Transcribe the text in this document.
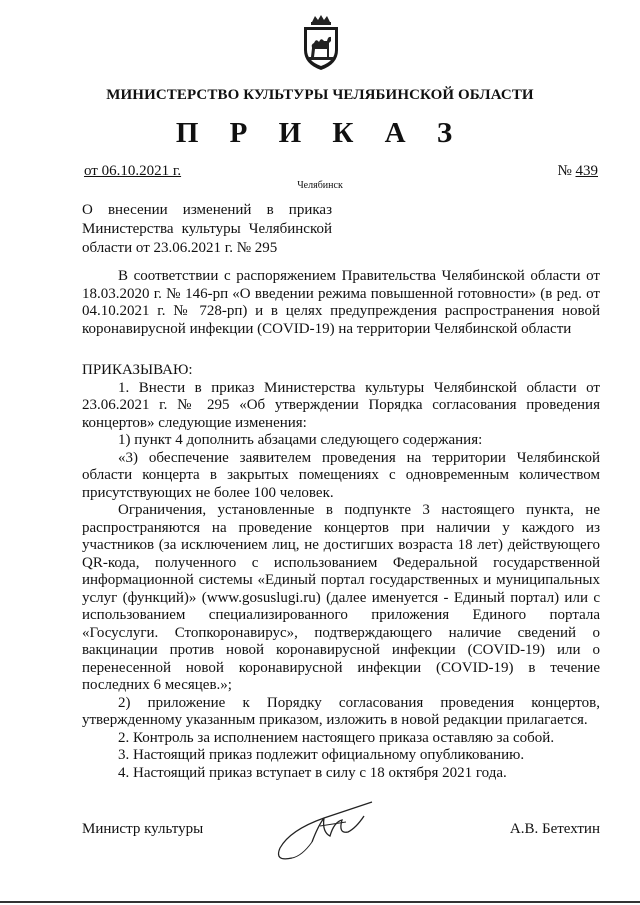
МИНИСТЕРСТВО КУЛЬТУРЫ ЧЕЛЯБИНСКОЙ ОБЛАСТИ
П Р И К А З
от 06.10.2021 г.	№ 439
Челябинск
О внесении изменений в приказ Министерства культуры Челябинской области от 23.06.2021 г. № 295

В соответствии с распоряжением Правительства Челябинской области от 18.03.2020 г. № 146-рп «О введении режима повышенной готовности» (в ред. от 04.10.2021 г. № 728-рп) и в целях предупреждения распространения новой коронавирусной инфекции (COVID-19) на территории Челябинской области

ПРИКАЗЫВАЮ:

1. Внести в приказ Министерства культуры Челябинской области от 23.06.2021 г. № 295 «Об утверждении Порядка согласования проведения концертов» следующие изменения:

1) пункт 4 дополнить абзацами следующего содержания:

«3) обеспечение заявителем проведения на территории Челябинской области концерта в закрытых помещениях с одновременным количеством присутствующих не более 100 человек.

Ограничения, установленные в подпункте 3 настоящего пункта, не распространяются на проведение концертов при наличии у каждого из участников (за исключением лиц, не достигших возраста 18 лет) действующего QR-кода, полученного с использованием Федеральной государственной информационной системы «Единый портал государственных и муниципальных услуг (функций)» (www.gosuslugi.ru) (далее именуется - Единый портал) или с использованием специализированного приложения Единого портала «Госуслуги. Стопкоронавирус», подтверждающего наличие сведений о вакцинации против новой коронавирусной инфекции (COVID-19) или о перенесенной новой коронавирусной инфекции (COVID-19) в течение последних 6 месяцев.»;

2) приложение к Порядку согласования проведения концертов, утвержденному указанным приказом, изложить в новой редакции прилагается.

2. Контроль за исполнением настоящего приказа оставляю за собой.

3. Настоящий приказ подлежит официальному опубликованию.

4. Настоящий приказ вступает в силу с 18 октября 2021 года.

Министр культуры	А.В. Бетехтин
